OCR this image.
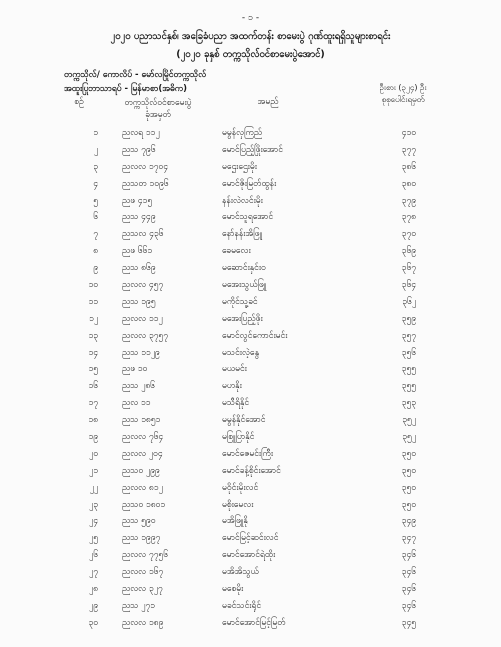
- ၁ -
၂၀၂၀ ပညာသင်နှစ်၊ အခြေခံပညာ အထက်တန်း စာမေးပွဲ ဂုဏ်ထူးရရှိသူများစာရင်း
(၂၀၂၀ ခုနှစ် တက္ကသိုလ်ဝင်စာမေးပွဲအောင်)
တက္ကသိုလ်/ ကောလိပ် - မော်လမြိုင်တက္ကသိုလ်
အထူးပြုဘာသာရပ် - မြန်မာစာ(အဓိက)	ဦးစား (၃၂၄) ဦး
စုစုပေါင်းရမှတ်
စဉ်	တက္ကသိုလ်ဝင်စာမေးပွဲ
ခုံအမှတ်
အမည်
၁	ညလရ ၁၁၂	မမွန်လှကြည်	၄၁၀
၂	ညသ ၇၉၆	မောင်ပြည့်ဖြိုးအောင်	၃၇၇
၃	ညလလ ၁၇၀၄	မဌေးဌေးမိုး	၃၈၆
၄	ညသတ ၁၀၉၆	မောင်ဇိုးမြတ်ထွန်း	၃၈၀
၅	ညဖ ၄၁၅	နန်းလဲလင်းမိုး	၃၇၉
၆	ညသ ၄၄၉	မောင်သူရအောင်	၃၇၈
၇	ညသလ ၄၃၆	နော်နန်းအိဖြူ	၃၇၀
၈	ညဖ ၆၆၁	ခေမလေး	၃၆၉
၉	ညသ ၈၆၉	မဆောင်းနှင်း၀	၃၆၇
၁၀	ညလလ ၄၅၇	မအေးသွယ်ဖြူ	၃၆၄
၁၁	ညသ ၁၉၅	မကိုင်သူ့ခင်	၃၆၂
၁၂	ညလလ ၁၁၂	မအေးပြည့်ဖိုး	၃၅၉
၁၃	ညလလ ၃၇၅၇	မောင်လွင်ကောင်းမင်း	၃၅၇
၁၄	ညသ ၁၁၂၉	မသင်းလဲ့နွေ	၃၅၆
၁၅	ညဖ ၁၀	မယမင်း	၃၅၅
၁၆	ညသ ၂၈၆	မဟနိုး	၃၅၅
၁၇	ညလ ၁၁	မသီရိနိုင်	၃၅၃
၁၈	ညသ ၁၈၅၁	မမွန်နိုင်အောင်	၃၅၂
၁၉	ညလလ ၇၆၄	မစြူပြာနိုင်	၃၅၂
၂၀	ညလလ ၂၀၄	မောင်ဇေမင်းကြီး	၃၅၀
၂၁	ညသဝ ၂၉၉	မောင်ခန့်စိုင်းအောင်	၃၅၀
၂၂	ညလလ ၈၁၂	မဝိုင်းမိုးလင်	၃၅၀
၂၃	ညသဝ ၁၈၀၁	မစိုးမေလး	၃၅၀
၂၄	ညသ ၅၉၀	မအိဖြူနို	၃၄၉
၂၅	ညသ ၁၉၉၇	မောင်မြင့်ဆင်းလင်	၃၄၇
၂၆	ညလလ ၇၇၅၆	မောင်အောင်ရဲထိုး	၃၄၆
၂၇	ညလလ ၁၆၇	မအိအိသွယ်	၃၄၆
၂၈	ညလလ ၃၂၇	မစေမိုး	၃၄၆
၂၉	ညသ ၂၇၁	မခင်သင်းရိုင်	၃၄၆
၃၀	ညလလ ၁၈၉	မောင်အောင်မြင့်မြတ်	၃၄၅
